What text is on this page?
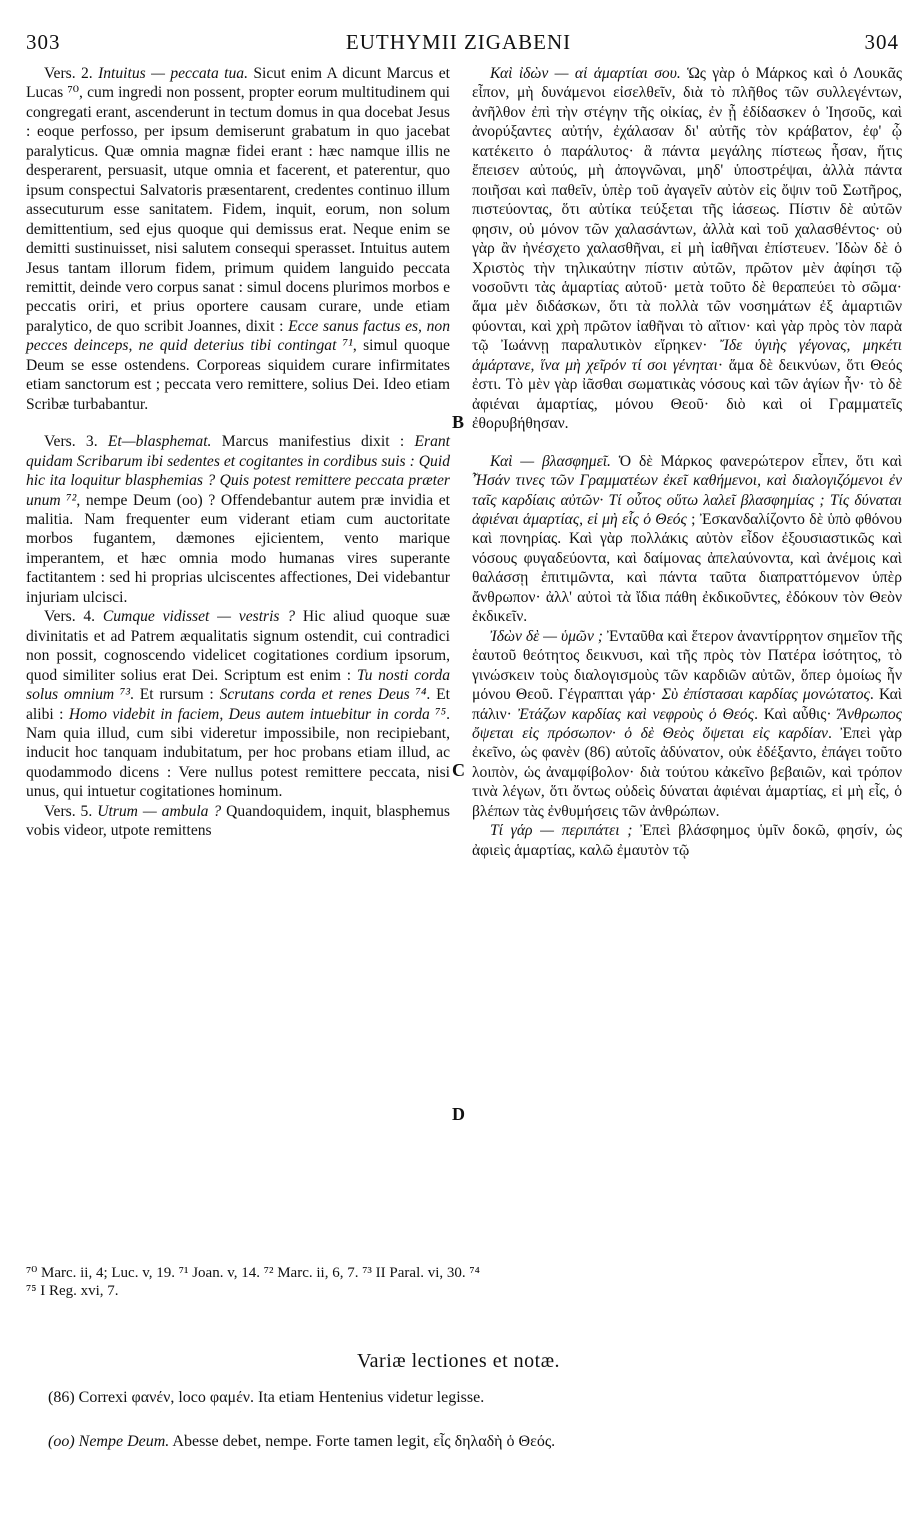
303	EUTHYMII ZIGABENI	304

Vers. 2. Intuitus — peccata tua. Sicut enim A dicunt Marcus et Lucas ⁷⁰, cum ingredi non possent, propter eorum multitudinem qui congregati erant, ascenderunt in tectum domus in qua docebat Jesus : eoque perfosso, per ipsum demiserunt grabatum in quo jacebat paralyticus. Quæ omnia magnæ fidei erant : hæc namque illis ne desperarent, persuasit, utque omnia et facerent, et paterentur, quo ipsum conspectui Salvatoris præsentarent, credentes continuo illum assecuturum esse sanitatem. Fidem, inquit, eorum, non solum demittentium, sed ejus quoque qui demissus erat. Neque enim se demitti sustinuisset, nisi salutem consequi sperasset. Intuitus autem Jesus tantam illorum fidem, primum quidem languido peccata remittit, deinde vero corpus sanat : simul docens plurimos morbos e peccatis oriri, et prius oportere causam curare, unde etiam paralytico, de quo scribit Joannes, dixit : Ecce sanus factus es, non pecces deinceps, ne quid deterius tibi contingat ⁷¹, simul quoque Deum se esse ostendens. Corporeas siquidem curare infirmitates etiam sanctorum est ; peccata vero remittere, solius Dei. Ideo etiam Scribæ turbabantur.

Vers. 3. Et—blasphemat. Marcus manifestius dixit : Erant quidam Scribarum ibi sedentes et cogitantes in cordibus suis : Quid hic ita loquitur blasphemias ? Quis potest remittere peccata præter unum ⁷², nempe Deum (oo) ? Offendebantur autem præ invidia et malitia. Nam frequenter eum viderant etiam cum auctoritate morbos fugantem, dæmones ejicientem, vento marique imperantem, et hæc omnia modo humanas vires superante factitantem : sed hi proprias ulciscentes affectiones, Dei videbantur injuriam ulcisci.

Vers. 4. Cumque vidisset — vestris ? Hic aliud quoque suæ divinitatis et ad Patrem æqualitatis signum ostendit, cui contradici non possit, cognoscendo videlicet cogitationes cordium ipsorum, quod similiter solius erat Dei. Scriptum est enim : Tu nosti corda solus omnium ⁷³. Et rursum : Scrutans corda et renes Deus ⁷⁴. Et alibi : Homo videbit in faciem, Deus autem intuebitur in corda ⁷⁵. Nam quia illud, cum sibi videretur impossibile, non recipiebant, inducit hoc tanquam indubitatum, per hoc probans etiam illud, ac quodammodo dicens : Vere nullus potest remittere peccata, nisi unus, qui intuetur cogitationes hominum.

Vers. 5. Utrum — ambula ? Quandoquidem, inquit, blasphemus vobis videor, utpote remittens

Καὶ ἰδὼν — αἱ ἁμαρτίαι σου. Ὡς γὰρ ὁ Μάρκος καὶ ὁ Λουκᾶς εἶπον, μὴ δυνάμενοι εἰσελθεῖν, διὰ τὸ πλῆθος τῶν συλλεγέντων, ἀνῆλθον ἐπὶ τὴν στέγην τῆς οἰκίας, ἐν ᾗ ἐδίδασκεν ὁ Ἰησοῦς, καὶ ἀνορύξαντες αὐτήν, ἐχάλασαν δι' αὐτῆς τὸν κράβατον, ἐφ' ᾧ κατέκειτο ὁ παράλυτος· ἃ πάντα μεγάλης πίστεως ἦσαν, ἥτις ἔπεισεν αὐτούς, μὴ ἀπογνῶναι, μηδ' ὑποστρέψαι, ἀλλὰ πάντα ποιῆσαι καὶ παθεῖν, ὑπὲρ τοῦ ἀγαγεῖν αὐτὸν εἰς ὄψιν τοῦ Σωτῆρος, πιστεύοντας, ὅτι αὐτίκα τεύξεται τῆς ἰάσεως. Πίστιν δὲ αὐτῶν φησιν, οὐ μόνον τῶν χαλασάντων, ἀλλὰ καὶ τοῦ χαλασθέντος· οὐ γὰρ ἂν ἠνέσχετο χαλασθῆναι, εἰ μὴ ἰαθῆναι ἐπίστευεν. Ἰδὼν δὲ ὁ Χριστὸς τὴν τηλικαύτην πίστιν αὐτῶν, πρῶτον μὲν ἀφίησι τῷ νοσοῦντι τὰς ἁμαρτίας αὐτοῦ· μετὰ τοῦτο δὲ θεραπεύει τὸ σῶμα· ἅμα μὲν διδάσκων, ὅτι τὰ πολλὰ τῶν νοσημάτων ἐξ ἁμαρτιῶν φύονται, καὶ χρὴ πρῶτον ἰαθῆναι τὸ αἴτιον· καὶ γὰρ πρὸς τὸν παρὰ τῷ Ἰωάννῃ παραλυτικὸν εἴρηκεν· Ἴδε ὑγιὴς γέγονας, μηκέτι ἁμάρτανε, ἵνα μὴ χεῖρόν τί σοι γένηται· ἅμα δὲ δεικνύων, ὅτι Θεός ἐστι. Τὸ μὲν γὰρ ἰᾶσθαι σωματικὰς νόσους καὶ τῶν ἁγίων ἦν· τὸ δὲ ἀφιέναι ἁμαρτίας, μόνου Θεοῦ· διὸ καὶ οἱ Γραμματεῖς ἐθορυβήθησαν.

Καὶ — βλασφημεῖ. Ὁ δὲ Μάρκος φανερώτερον εἶπεν, ὅτι καὶ Ἦσάν τινες τῶν Γραμματέων ἐκεῖ καθήμενοι, καὶ διαλογιζόμενοι ἐν ταῖς καρδίαις αὐτῶν· Τί οὗτος οὕτω λαλεῖ βλασφημίας ; Τίς δύναται ἀφιέναι ἁμαρτίας, εἰ μὴ εἷς ὁ Θεός ; Ἐσκανδαλίζοντο δὲ ὑπὸ φθόνου καὶ πονηρίας. Καὶ γὰρ πολλάκις αὐτὸν εἶδον ἐξουσιαστικῶς καὶ νόσους φυγαδεύοντα, καὶ δαίμονας ἀπελαύνοντα, καὶ ἀνέμοις καὶ θαλάσσῃ ἐπιτιμῶντα, καὶ πάντα ταῦτα διαπραττόμενον ὑπὲρ ἄνθρωπον· ἀλλ' αὐτοὶ τὰ ἴδια πάθη ἐκδικοῦντες, ἐδόκουν τὸν Θεὸν ἐκδικεῖν.

Ἰδὼν δὲ — ὑμῶν ; Ἐνταῦθα καὶ ἕτερον ἀναντίρρητον σημεῖον τῆς ἑαυτοῦ θεότητος δεικνυσι, καὶ τῆς πρὸς τὸν Πατέρα ἰσότητος, τὸ γινώσκειν τοὺς διαλογισμοὺς τῶν καρδιῶν αὐτῶν, ὅπερ ὁμοίως ἦν μόνου Θεοῦ. Γέγραπται γάρ· Σὺ ἐπίστασαι καρδίας μονώτατος. Καὶ πάλιν· Ἐτάζων καρδίας καὶ νεφροὺς ὁ Θεός. Καὶ αὖθις· Ἄνθρωπος ὄψεται εἰς πρόσωπον· ὁ δὲ Θεὸς ὄψεται εἰς καρδίαν. Ἐπεὶ γὰρ ἐκεῖνο, ὡς φανὲν (86) αὐτοῖς ἀδύνατον, οὐκ ἐδέξαντο, ἐπάγει τοῦτο λοιπὸν, ὡς ἀναμφίβολον· διὰ τούτου κἀκεῖνο βεβαιῶν, καὶ τρόπον τινὰ λέγων, ὅτι ὄντως οὐδεὶς δύναται ἀφιέναι ἁμαρτίας, εἰ μὴ εἷς, ὁ βλέπων τὰς ἐνθυμήσεις τῶν ἀνθρώπων.

Τί γάρ — περιπάτει ; Ἐπεὶ βλάσφημος ὑμῖν δοκῶ, φησίν, ὡς ἀφιεὶς ἁμαρτίας, καλῶ ἐμαυτὸν τῷ

B
C
D
⁷⁰ Marc. ii, 4; Luc. v, 19. ⁷¹ Joan. v, 14. ⁷² Marc. ii, 6, 7. ⁷³ II Paral. vi, 30. ⁷⁴
⁷⁵ I Reg. xvi, 7.
Variæ lectiones et notæ.
(86) Correxi φανέν, loco φαμέν. Ita etiam Hentenius videtur legisse.
(oo) Nempe Deum. Abesse debet, nempe. Forte tamen legit, εἷς δηλαδὴ ὁ Θεός.
